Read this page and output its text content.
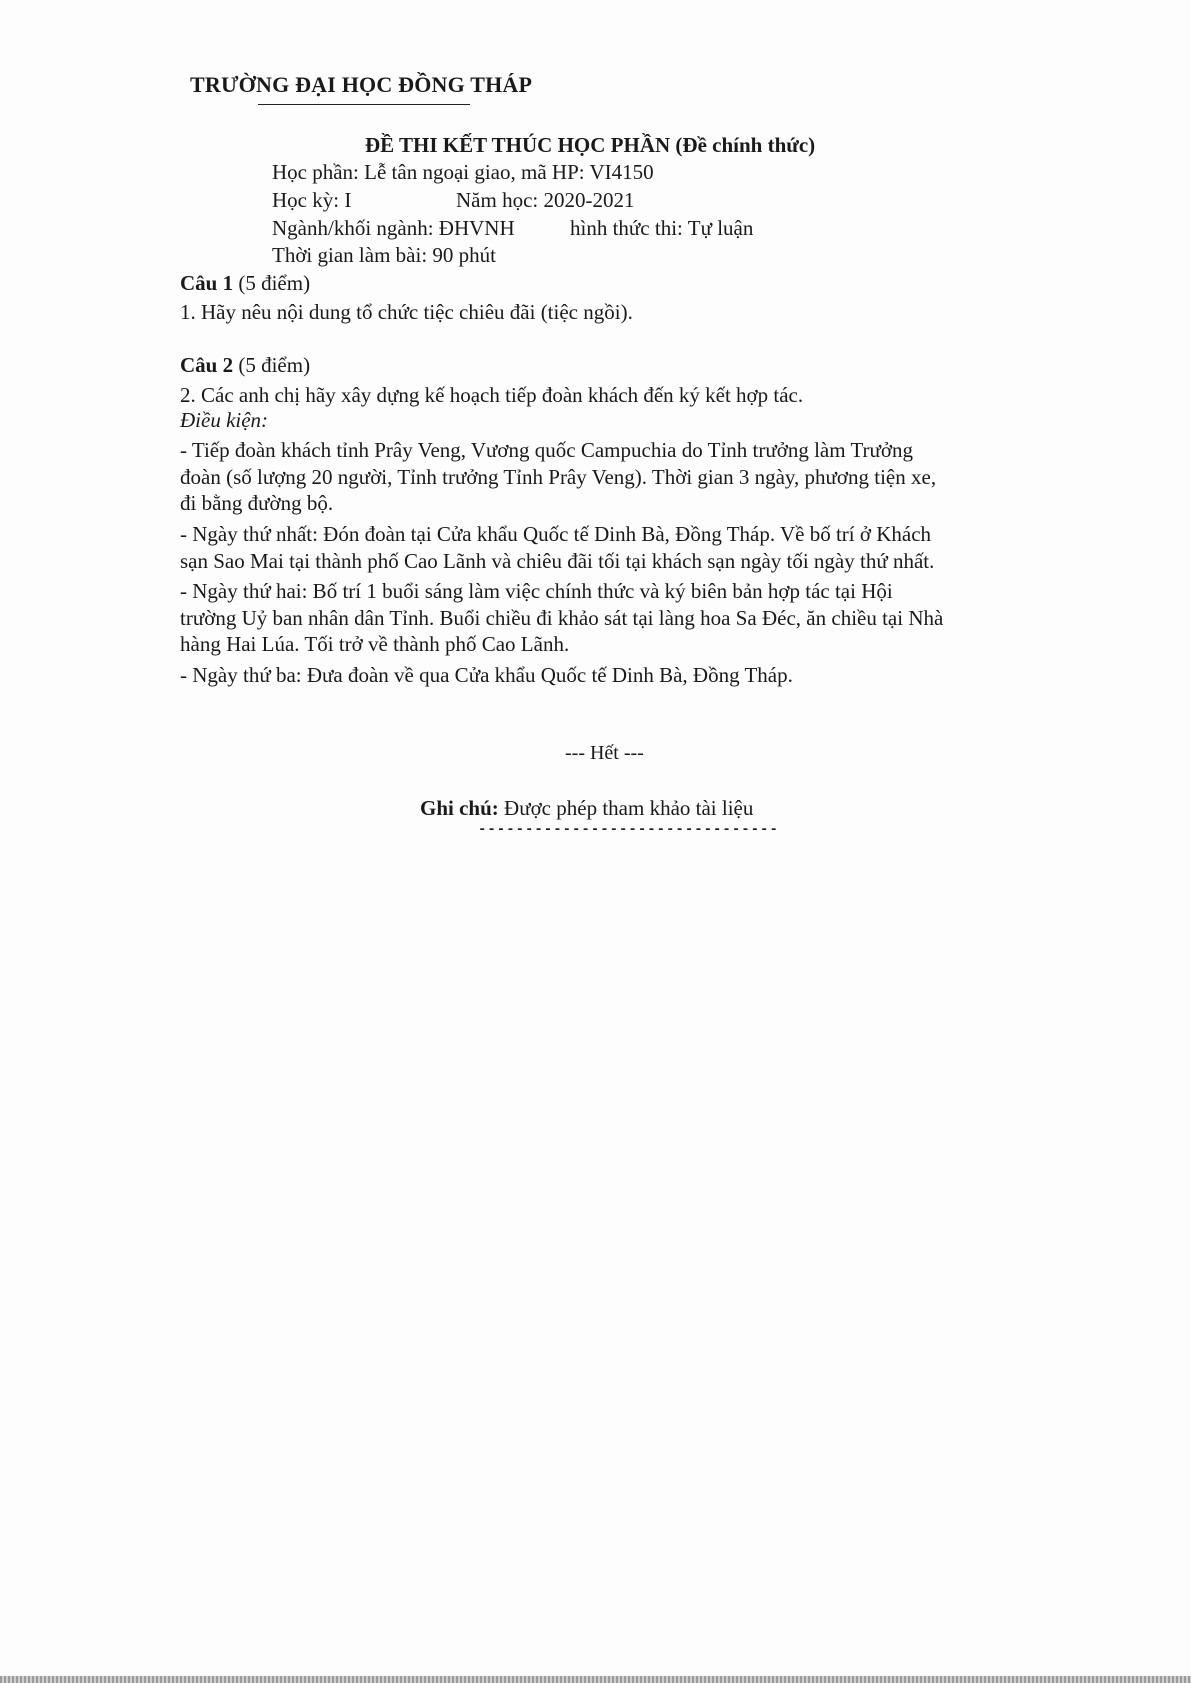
TRƯỜNG ĐẠI HỌC ĐỒNG THÁP
ĐỀ THI KẾT THÚC HỌC PHẦN (Đề chính thức)
Học phần: Lễ tân ngoại giao, mã HP: VI4150
Học kỳ: I	Năm học: 2020-2021
Ngành/khối ngành: ĐHVNH	hình thức thi: Tự luận
Thời gian làm bài: 90 phút
Câu 1 (5 điểm)
1. Hãy nêu nội dung tổ chức tiệc chiêu đãi (tiệc ngồi).
Câu 2 (5 điểm)
2. Các anh chị hãy xây dựng kế hoạch tiếp đoàn khách đến ký kết hợp tác.
Điều kiện:
- Tiếp đoàn khách tỉnh Prây Veng, Vương quốc Campuchia do Tỉnh trưởng làm Trưởng
đoàn (số lượng 20 người, Tỉnh trưởng Tỉnh Prây Veng). Thời gian 3 ngày, phương tiện xe,
đi bằng đường bộ.
- Ngày thứ nhất: Đón đoàn tại Cửa khẩu Quốc tế Dinh Bà, Đồng Tháp. Về bố trí ở Khách
sạn Sao Mai tại thành phố Cao Lãnh và chiêu đãi tối tại khách sạn ngày tối ngày thứ nhất.
- Ngày thứ hai: Bố trí 1 buổi sáng làm việc chính thức và ký biên bản hợp tác tại Hội
trường Uỷ ban nhân dân Tỉnh. Buổi chiều đi khảo sát tại làng hoa Sa Đéc, ăn chiều tại Nhà
hàng Hai Lúa. Tối trở về thành phố Cao Lãnh.
- Ngày thứ ba: Đưa đoàn về qua Cửa khẩu Quốc tế Dinh Bà, Đồng Tháp.
--- Hết ---
Ghi chú: Được phép tham khảo tài liệu
--------------------------------
